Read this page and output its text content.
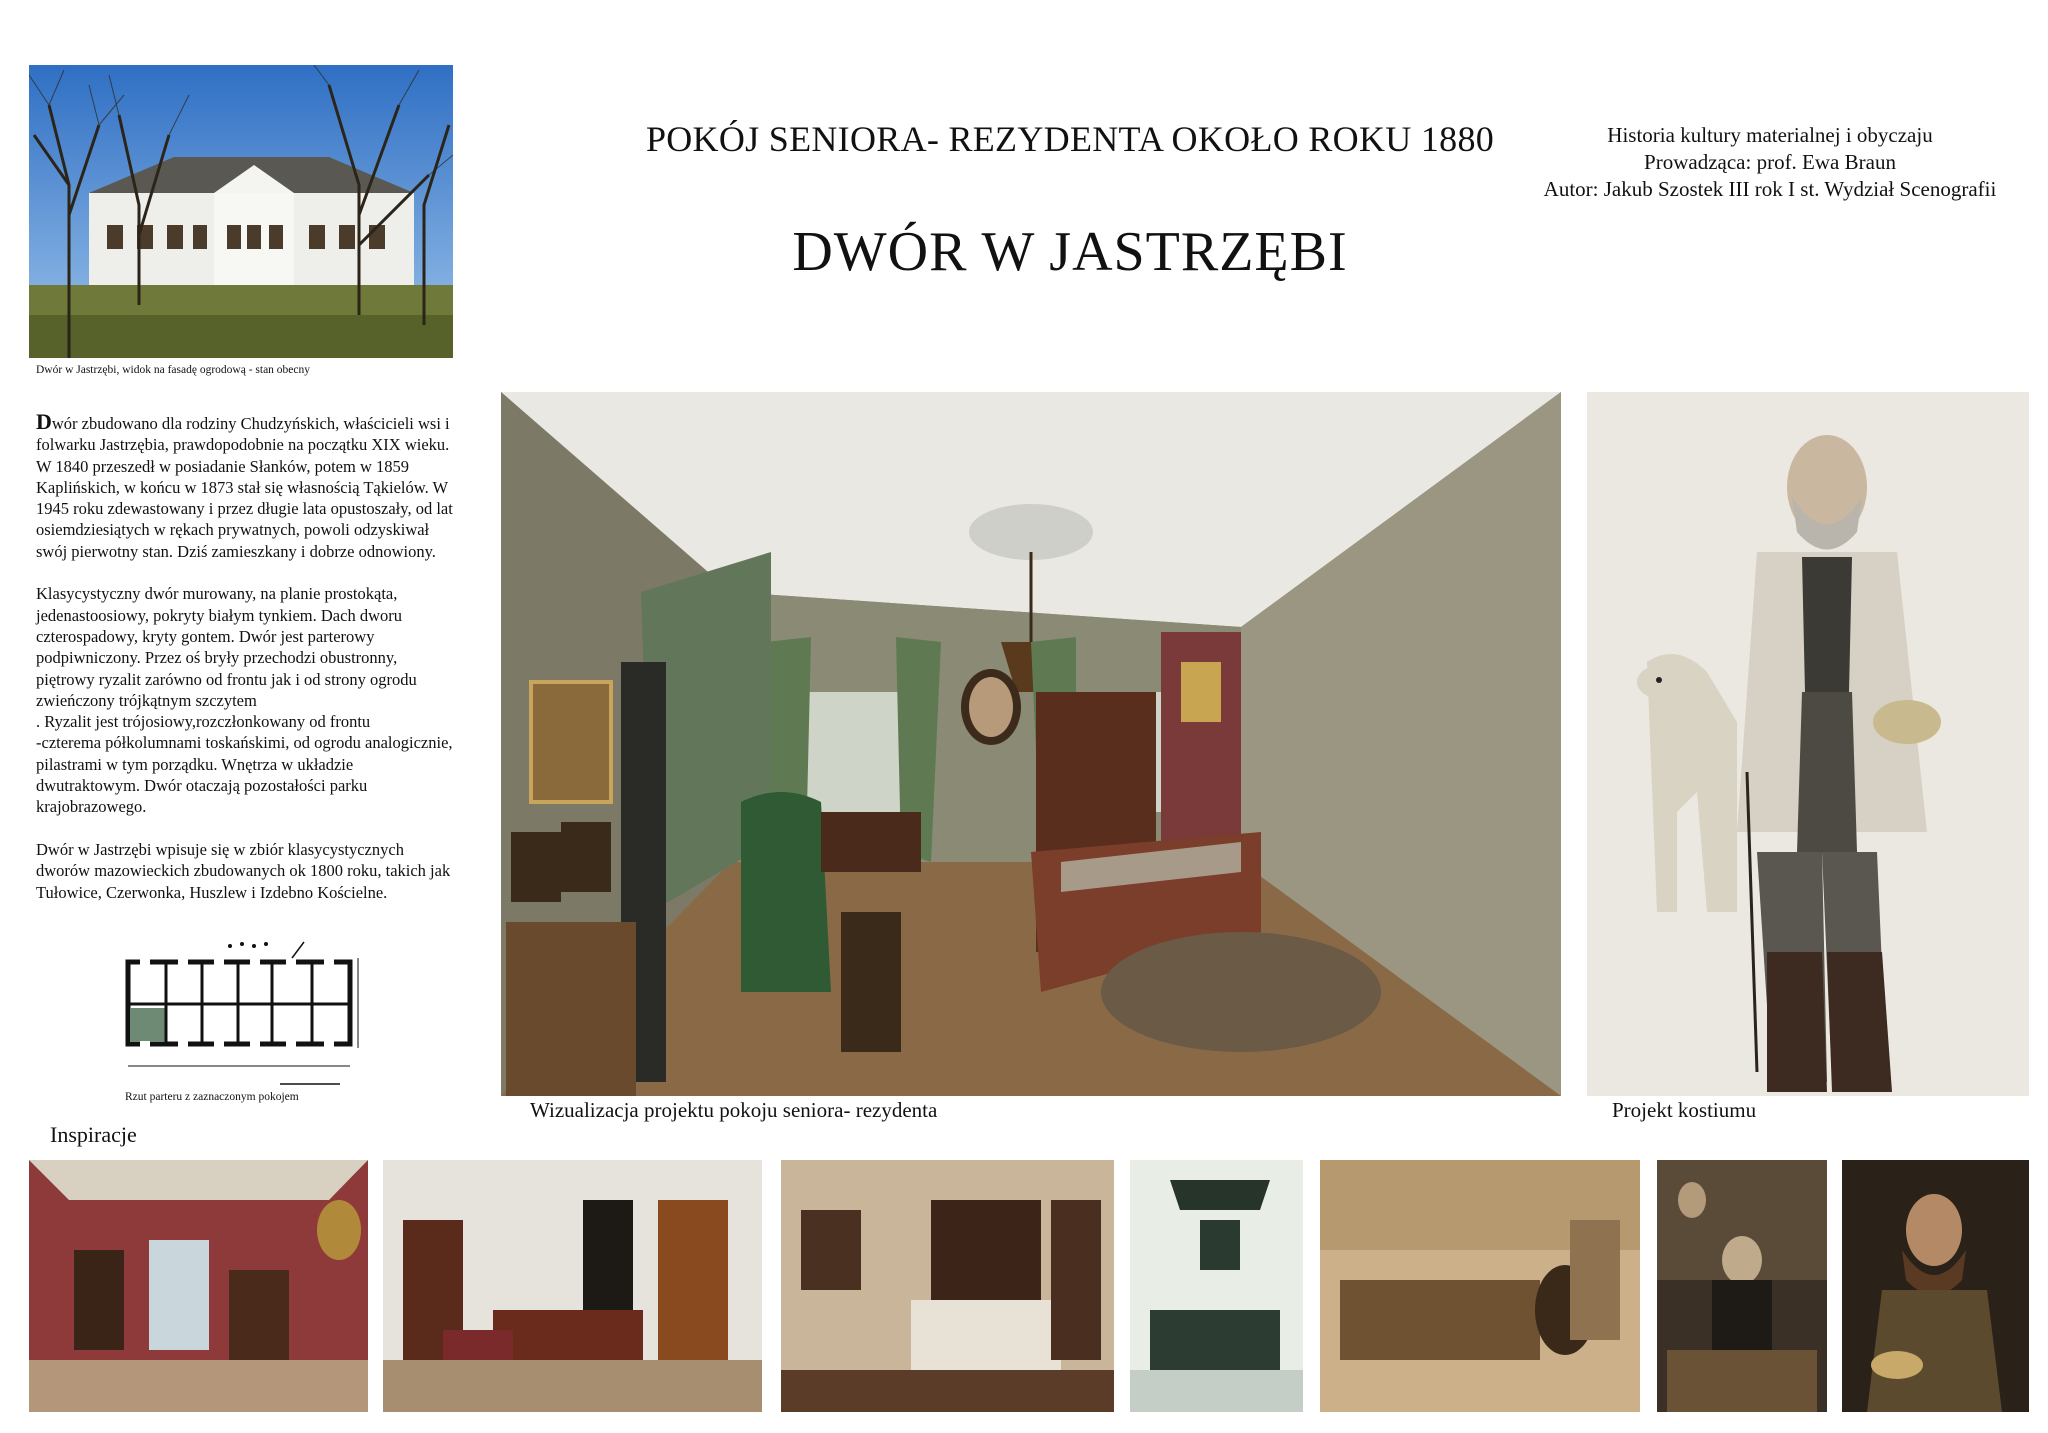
POKÓJ SENIORA- REZYDENTA OKOŁO ROKU 1880
DWÓR W JASTRZĘBI
Historia kultury materialnej i obyczaju
Prowadząca: prof. Ewa Braun
Autor: Jakub Szostek III rok I st. Wydział Scenografii
Dwór w Jastrzębi, widok na fasadę ogrodową - stan obecny

Dwór zbudowano dla rodziny Chudzyńskich, właścicieli wsi i folwarku Jastrzębia, prawdopodobnie na początku XIX wieku. W 1840 przeszedł w posiadanie Słanków, potem w 1859 Kaplińskich, w końcu w 1873 stał się własnością Tąkielów. W 1945 roku zdewastowany i przez długie lata opustoszały, od lat osiemdziesiątych w rękach prywatnych, powoli odzyskiwał swój pierwotny stan. Dziś zamieszkany i dobrze odnowiony.

Klasycystyczny dwór murowany, na planie prostokąta, jedenastoosiowy, pokryty białym tynkiem. Dach dworu czterospadowy, kryty gontem. Dwór jest parterowy podpiwniczony. Przez oś bryły przechodzi obustronny, piętrowy ryzalit zarówno od frontu jak i od strony ogrodu zwieńczony trójkątnym szczytem
. Ryzalit jest trójosiowy,rozczłonkowany od frontu
-czterema półkolumnami toskańskimi, od ogrodu analogicznie, pilastrami w tym porządku. Wnętrza w układzie dwutraktowym. Dwór otaczają pozostałości parku krajobrazowego.

Dwór w Jastrzębi wpisuje się w zbiór klasycystycznych dworów mazowieckich zbudowanych ok 1800 roku, takich jak Tułowice, Czerwonka, Huszlew i Izdebno Kościelne.

Rzut parteru z zaznaczonym pokojem
Wizualizacja projektu pokoju seniora- rezydenta	Projekt kostiumu
Inspiracje
